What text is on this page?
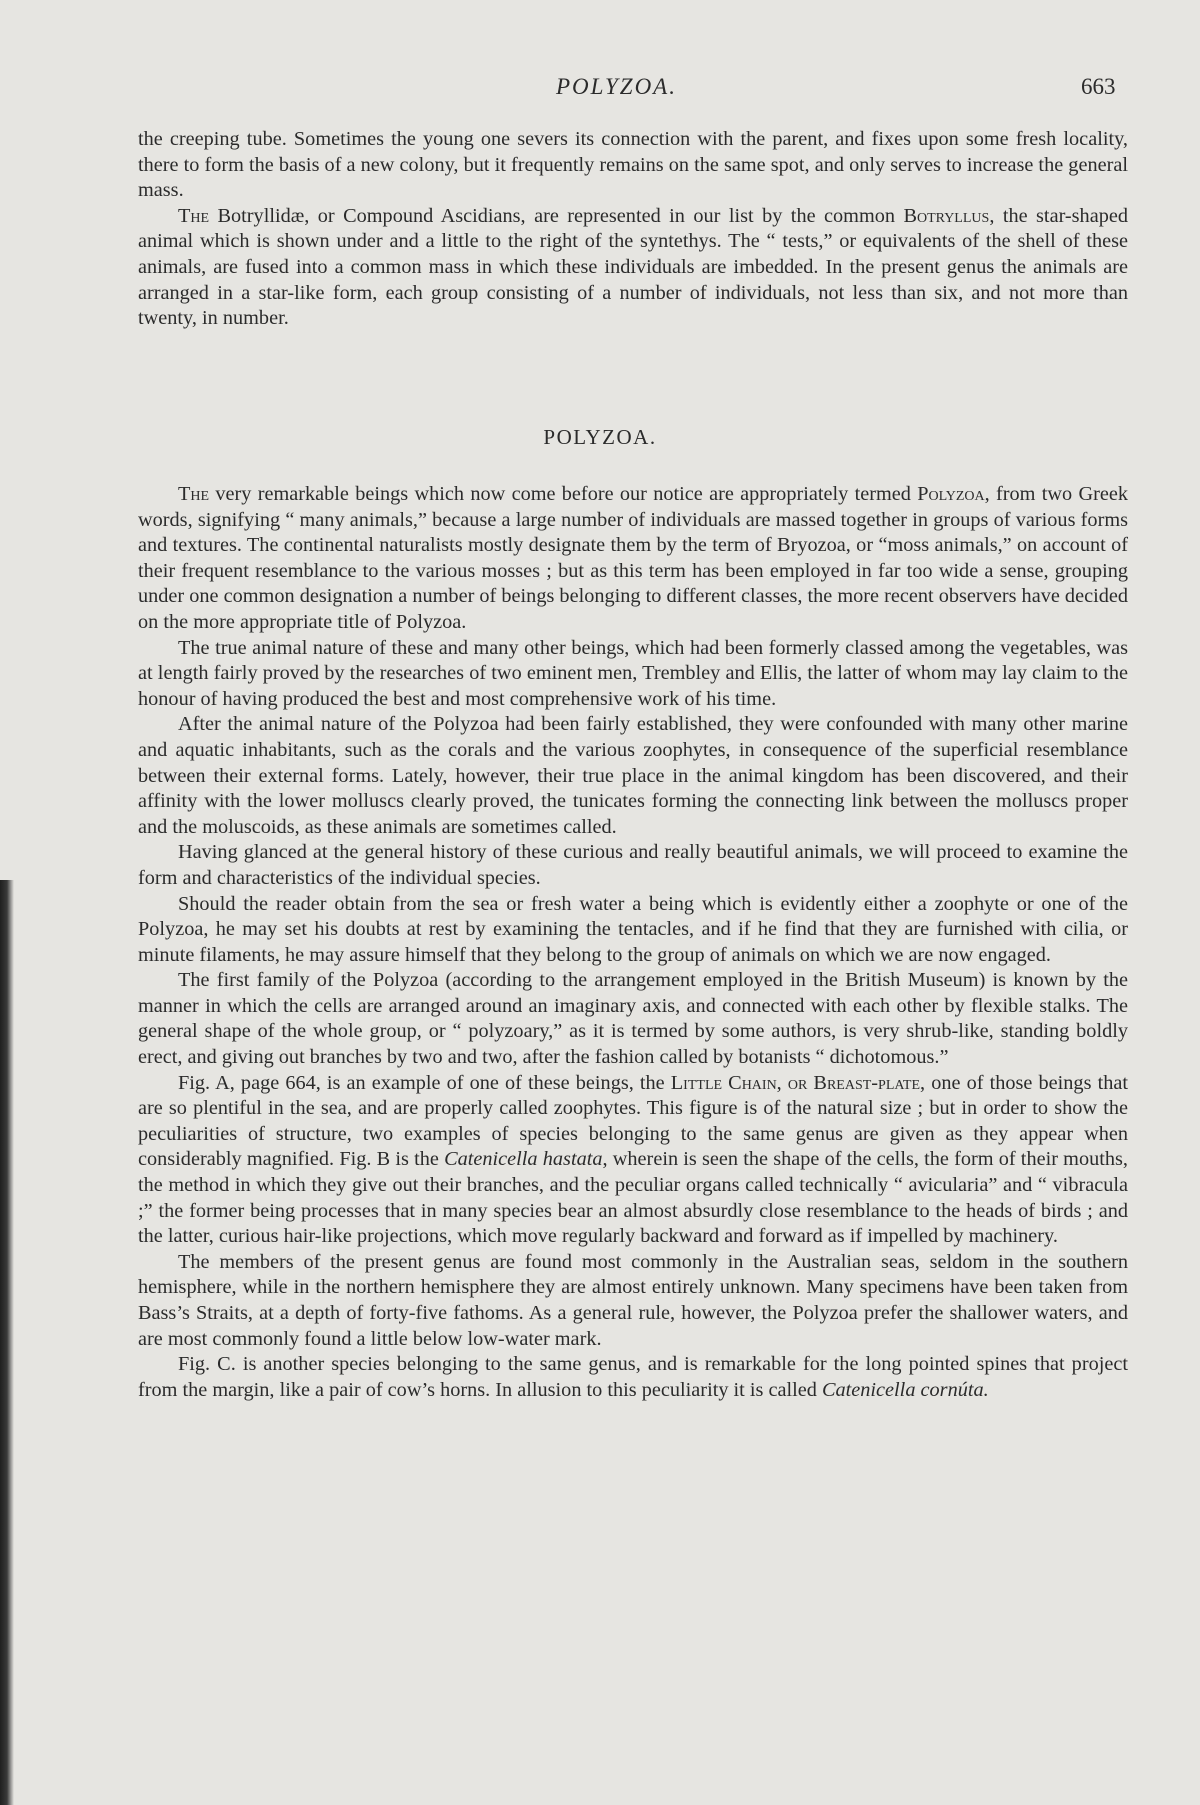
POLYZOA.	663

the creeping tube. Sometimes the young one severs its connection with the parent, and fixes upon some fresh locality, there to form the basis of a new colony, but it frequently remains on the same spot, and only serves to increase the general mass.

The Botryllidæ, or Compound Ascidians, are represented in our list by the common Botryllus, the star-shaped animal which is shown under and a little to the right of the syntethys. The “ tests,” or equivalents of the shell of these animals, are fused into a common mass in which these individuals are imbedded. In the present genus the animals are arranged in a star-like form, each group consisting of a number of individuals, not less than six, and not more than twenty, in number.

POLYZOA.

The very remarkable beings which now come before our notice are appropriately termed Polyzoa, from two Greek words, signifying “ many animals,” because a large number of individuals are massed together in groups of various forms and textures. The continental naturalists mostly designate them by the term of Bryozoa, or “moss animals,” on account of their frequent resemblance to the various mosses ; but as this term has been employed in far too wide a sense, grouping under one common designation a number of beings belonging to different classes, the more recent observers have decided on the more appropriate title of Polyzoa.

The true animal nature of these and many other beings, which had been formerly classed among the vegetables, was at length fairly proved by the researches of two eminent men, Trembley and Ellis, the latter of whom may lay claim to the honour of having produced the best and most comprehensive work of his time.

After the animal nature of the Polyzoa had been fairly established, they were confounded with many other marine and aquatic inhabitants, such as the corals and the various zoophytes, in consequence of the superficial resemblance between their external forms. Lately, however, their true place in the animal kingdom has been discovered, and their affinity with the lower molluscs clearly proved, the tunicates forming the connecting link between the molluscs proper and the moluscoids, as these animals are sometimes called.

Having glanced at the general history of these curious and really beautiful animals, we will proceed to examine the form and characteristics of the individual species.

Should the reader obtain from the sea or fresh water a being which is evidently either a zoophyte or one of the Polyzoa, he may set his doubts at rest by examining the tentacles, and if he find that they are furnished with cilia, or minute filaments, he may assure himself that they belong to the group of animals on which we are now engaged.

The first family of the Polyzoa (according to the arrangement employed in the British Museum) is known by the manner in which the cells are arranged around an imaginary axis, and connected with each other by flexible stalks. The general shape of the whole group, or “ polyzoary,” as it is termed by some authors, is very shrub-like, standing boldly erect, and giving out branches by two and two, after the fashion called by botanists “ dichotomous.”

Fig. A, page 664, is an example of one of these beings, the Little Chain, or Breast-plate, one of those beings that are so plentiful in the sea, and are properly called zoophytes. This figure is of the natural size ; but in order to show the peculiarities of structure, two examples of species belonging to the same genus are given as they appear when considerably magnified. Fig. B is the Catenicella hastata, wherein is seen the shape of the cells, the form of their mouths, the method in which they give out their branches, and the peculiar organs called technically “ avicularia” and “ vibracula ;” the former being processes that in many species bear an almost absurdly close resemblance to the heads of birds ; and the latter, curious hair-like projections, which move regularly backward and forward as if impelled by machinery.

The members of the present genus are found most commonly in the Australian seas, seldom in the southern hemisphere, while in the northern hemisphere they are almost entirely unknown. Many specimens have been taken from Bass’s Straits, at a depth of forty-five fathoms. As a general rule, however, the Polyzoa prefer the shallower waters, and are most commonly found a little below low-water mark.

Fig. C. is another species belonging to the same genus, and is remarkable for the long pointed spines that project from the margin, like a pair of cow’s horns. In allusion to this peculiarity it is called Catenicella cornúta.
